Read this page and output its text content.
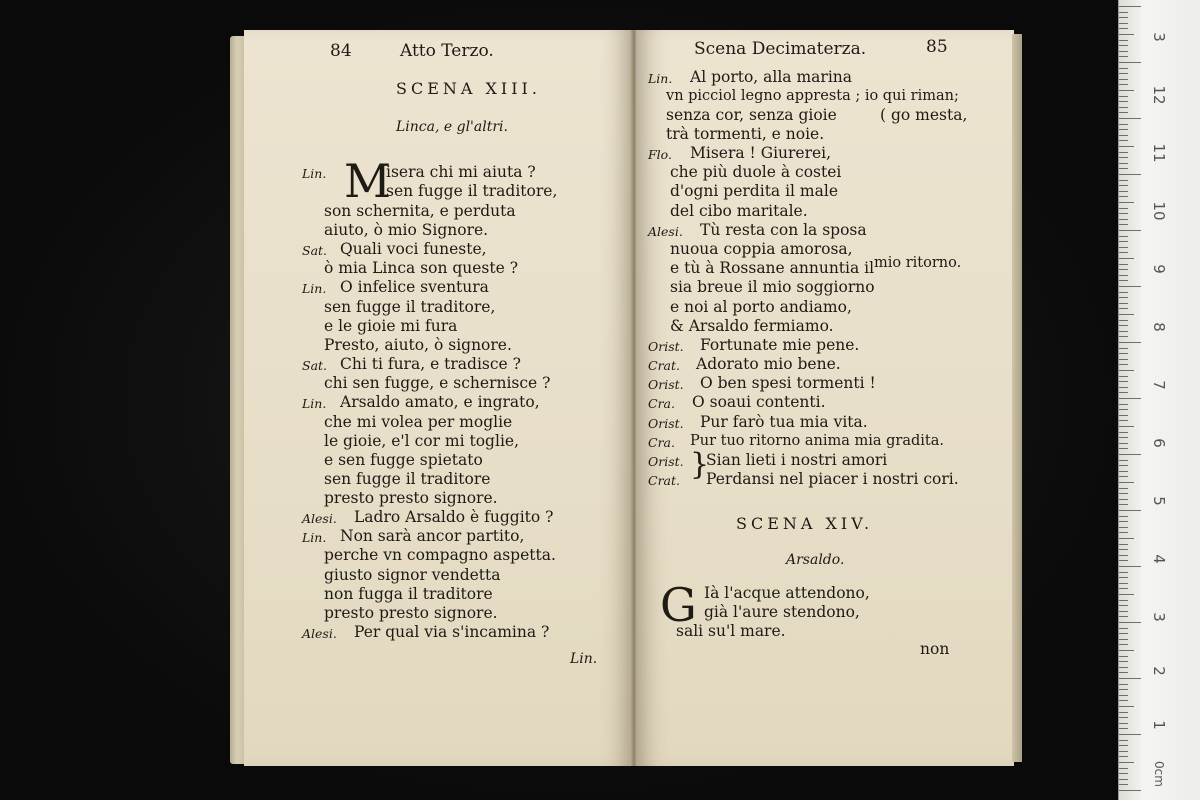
84	Atto Terzo.
SCENA XIII.
Linca, e gl'altri.
M
Lin.	isera chi mi aiuta ?
sen fugge il traditore,
son schernita, e perduta
aiuto, ò mio Signore.
Sat. Quali voci funeste,
ò mia Linca son queste ?
Lin. O infelice sventura
sen fugge il traditore,
e le gioie mi fura
Presto, aiuto, ò signore.
Sat. Chi ti fura, e tradisce ?
chi sen fugge, e schernisce ?
Lin. Arsaldo amato, e ingrato,
che mi volea per moglie
le gioie, e'l cor mi toglie,
e sen fugge spietato
sen fugge il traditore
presto presto signore.
Alesi. Ladro Arsaldo è fuggito ?
Lin. Non sarà ancor partito,
perche vn compagno aspetta.
giusto signor vendetta
non fugga il traditore
presto presto signore.
Alesi. Per qual via s'incamina ?
Lin.
Scena Decimaterza.	85
Lin. Al porto, alla marina
vn picciol legno appresta ; io qui riman;
senza cor, senza gioie	( go mesta,
trà tormenti, e noie.
Flo. Misera ! Giurerei,
che più duole à costei
d'ogni perdita il male
del cibo maritale.
Alesi. Tù resta con la sposa
nuoua coppia amorosa,
e tù à Rossane annuntia il mio ritorno.
sia breue il mio soggiorno
e noi al porto andiamo,
& Arsaldo fermiamo.
Orist. Fortunate mie pene.
Crat. Adorato mio bene.
Orist. O ben spesi tormenti !
Cra. O soaui contenti.
Orist. Pur farò tua mia vita.
Cra. Pur tuo ritorno anima mia gradita.
Orist. }
Sian lieti i nostri amori
Crat. Perdansi nel piacer i nostri cori.
SCENA XIV.
Arsaldo.
G Ià l'acque attendono,
già l'aure stendono,
sali su'l mare.
non
3
12
11
10
9
8
7
6
5
4
3
2
1
0cm
